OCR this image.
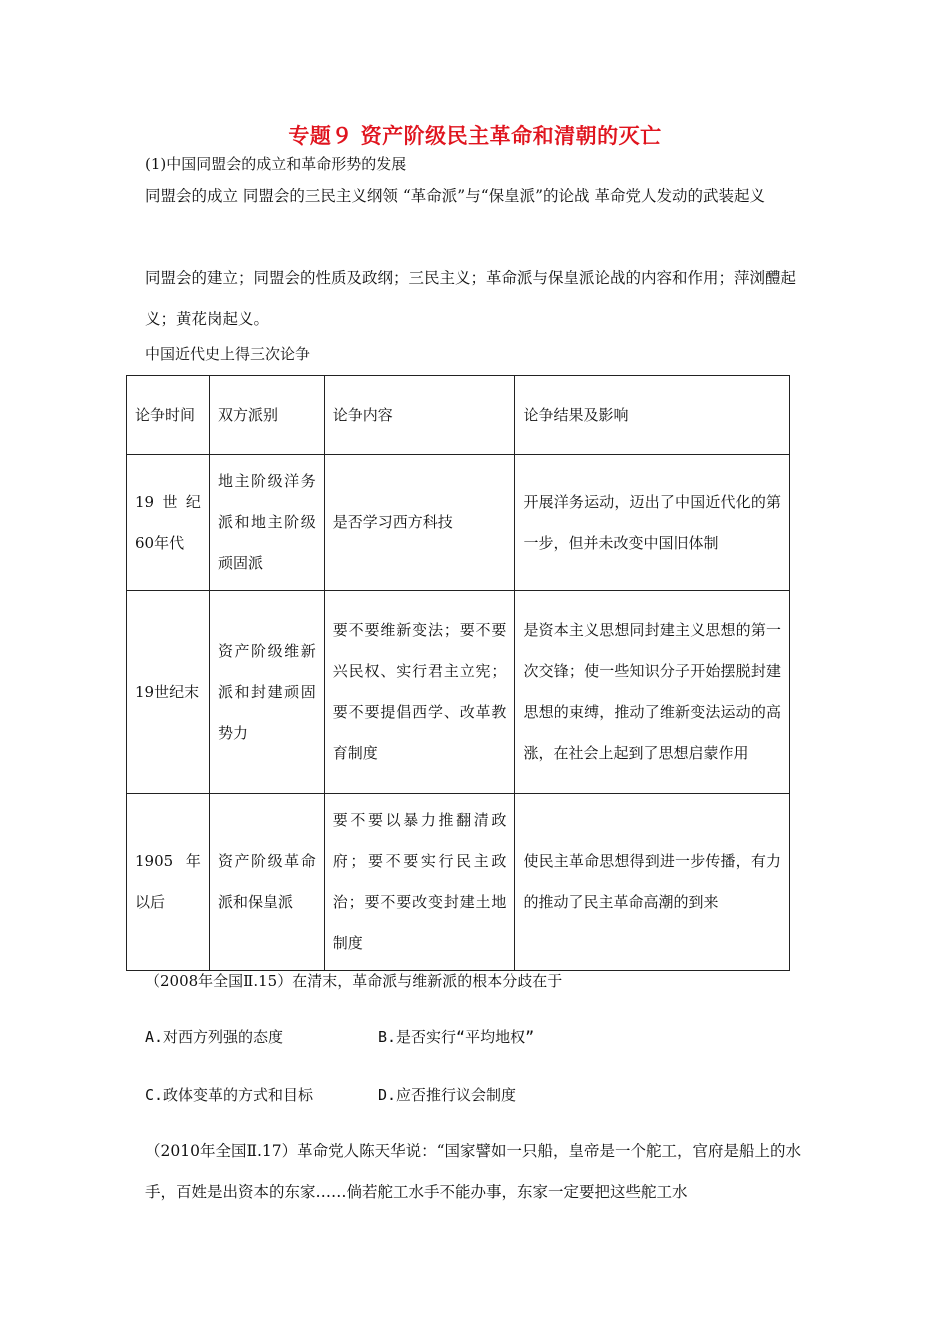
专题９ 资产阶级民主革命和清朝的灭亡
(1)中国同盟会的成立和革命形势的发展
同盟会的成立 同盟会的三民主义纲领 “革命派”与“保皇派”的论战 革命党人发动的武装起义
同盟会的建立；同盟会的性质及政纲；三民主义；革命派与保皇派论战的内容和作用；萍浏醴起义；黄花岗起义。
中国近代史上得三次论争
论争时间	双方派别	论争内容	论争结果及影响
19世纪60年代	地主阶级洋务派和地主阶级顽固派	是否学习西方科技	开展洋务运动，迈出了中国近代化的第一步，但并未改变中国旧体制
19世纪末	资产阶级维新派和封建顽固势力	要不要维新变法；要不要兴民权、实行君主立宪；要不要提倡西学、改革教育制度	是资本主义思想同封建主义思想的第一次交锋；使一些知识分子开始摆脱封建思想的束缚，推动了维新变法运动的高涨，在社会上起到了思想启蒙作用
1905 年以后	资产阶级革命派和保皇派	要不要以暴力推翻清政府；要不要实行民主政治；要不要改变封建土地制度	使民主革命思想得到进一步传播，有力的推动了民主革命高潮的到来
（2008年全国Ⅱ.15）在清末，革命派与维新派的根本分歧在于
A.对西方列强的态度	B.是否实行“平均地权”
C.政体变革的方式和目标	D.应否推行议会制度
（2010年全国Ⅱ.17）革命党人陈天华说：“国家譬如一只船，皇帝是一个舵工，官府是船上的水手，百姓是出资本的东家……倘若舵工水手不能办事，东家一定要把这些舵工水
